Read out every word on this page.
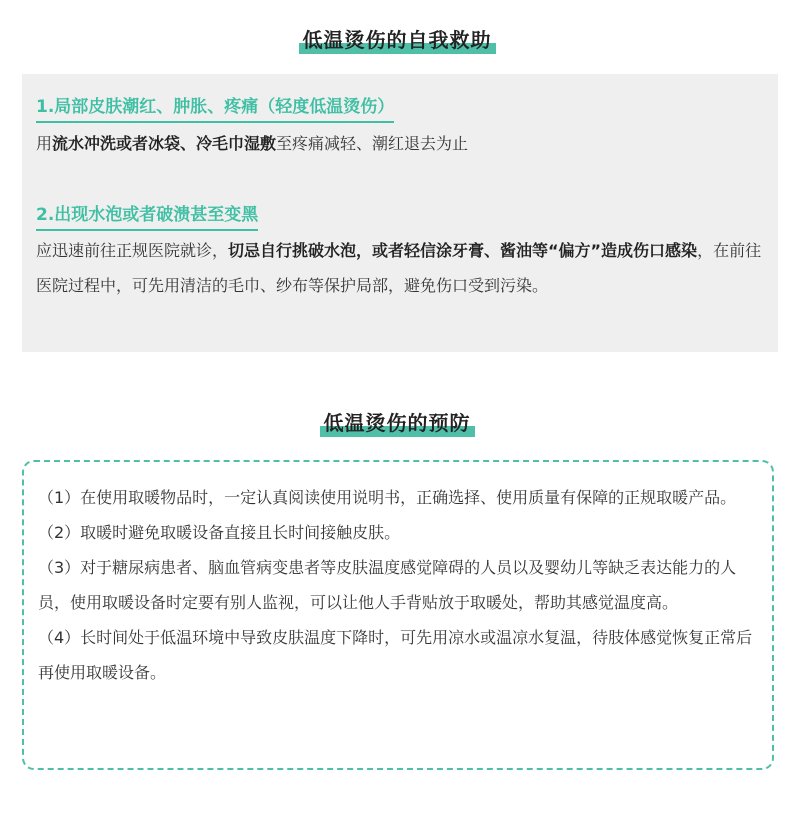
低温烫伤的自我救助
1.局部皮肤潮红、肿胀、疼痛（轻度低温烫伤）
用流水冲洗或者冰袋、冷毛巾湿敷至疼痛减轻、潮红退去为止
2.出现水泡或者破溃甚至变黑
应迅速前往正规医院就诊，切忌自行挑破水泡，或者轻信涂牙膏、酱油等“偏方”造成伤口感染，在前往医院过程中，可先用清洁的毛巾、纱布等保护局部，避免伤口受到污染。
低温烫伤的预防

（1）在使用取暖物品时，一定认真阅读使用说明书，正确选择、使用质量有保障的正规取暖产品。

（2）取暖时避免取暖设备直接且长时间接触皮肤。

（3）对于糖尿病患者、脑血管病变患者等皮肤温度感觉障碍的人员以及婴幼儿等缺乏表达能力的人员，使用取暖设备时定要有别人监视，可以让他人手背贴放于取暖处，帮助其感觉温度高。

（4）长时间处于低温环境中导致皮肤温度下降时，可先用凉水或温凉水复温，待肢体感觉恢复正常后再使用取暖设备。
